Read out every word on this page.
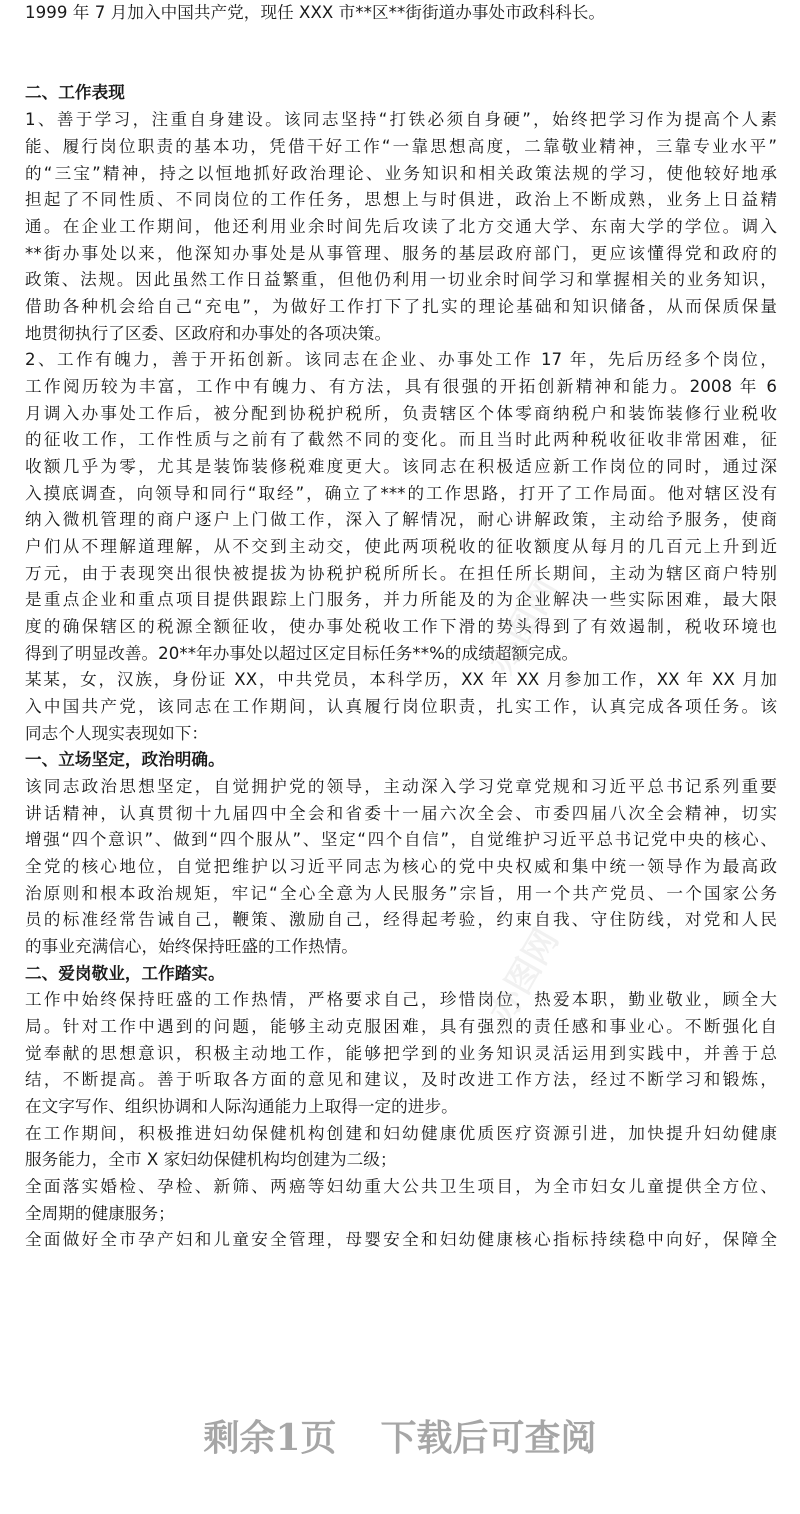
1999 年 7 月加入中国共产党，现任 XXX 市**区**街街道办事处市政科科长。
二、工作表现
1、善于学习，注重自身建设。该同志坚持“打铁必须自身硬”，始终把学习作为提高个人素
能、履行岗位职责的基本功，凭借干好工作“一靠思想高度，二靠敬业精神，三靠专业水平”
的“三宝”精神，持之以恒地抓好政治理论、业务知识和相关政策法规的学习，使他较好地承
担起了不同性质、不同岗位的工作任务，思想上与时俱进，政治上不断成熟，业务上日益精
通。在企业工作期间，他还利用业余时间先后攻读了北方交通大学、东南大学的学位。调入
**街办事处以来，他深知办事处是从事管理、服务的基层政府部门，更应该懂得党和政府的
政策、法规。因此虽然工作日益繁重，但他仍利用一切业余时间学习和掌握相关的业务知识，
借助各种机会给自己“充电”，为做好工作打下了扎实的理论基础和知识储备，从而保质保量
地贯彻执行了区委、区政府和办事处的各项决策。
2、工作有魄力，善于开拓创新。该同志在企业、办事处工作 17 年，先后历经多个岗位，
工作阅历较为丰富，工作中有魄力、有方法，具有很强的开拓创新精神和能力。2008 年 6
月调入办事处工作后，被分配到协税护税所，负责辖区个体零商纳税户和装饰装修行业税收
的征收工作，工作性质与之前有了截然不同的变化。而且当时此两种税收征收非常困难，征
收额几乎为零，尤其是装饰装修税难度更大。该同志在积极适应新工作岗位的同时，通过深
入摸底调查，向领导和同行“取经”，确立了***的工作思路，打开了工作局面。他对辖区没有
纳入微机管理的商户逐户上门做工作，深入了解情况，耐心讲解政策，主动给予服务，使商
户们从不理解道理解，从不交到主动交，使此两项税收的征收额度从每月的几百元上升到近
万元，由于表现突出很快被提拔为协税护税所所长。在担任所长期间，主动为辖区商户特别
是重点企业和重点项目提供跟踪上门服务，并力所能及的为企业解决一些实际困难，最大限
度的确保辖区的税源全额征收，使办事处税收工作下滑的势头得到了有效遏制，税收环境也
得到了明显改善。20**年办事处以超过区定目标任务**%的成绩超额完成。
某某，女，汉族，身份证 XX，中共党员，本科学历，XX 年 XX 月参加工作，XX 年 XX 月加
入中国共产党，该同志在工作期间，认真履行岗位职责，扎实工作，认真完成各项任务。该
同志个人现实表现如下：
一、立场坚定，政治明确。
该同志政治思想坚定，自觉拥护党的领导，主动深入学习党章党规和习近平总书记系列重要
讲话精神，认真贯彻十九届四中全会和省委十一届六次全会、市委四届八次全会精神，切实
增强“四个意识”、做到“四个服从”、坚定“四个自信”，自觉维护习近平总书记党中央的核心、
全党的核心地位，自觉把维护以习近平同志为核心的党中央权威和集中统一领导作为最高政
治原则和根本政治规矩，牢记“全心全意为人民服务”宗旨，用一个共产党员、一个国家公务
员的标准经常告诫自己，鞭策、激励自己，经得起考验，约束自我、守住防线，对党和人民
的事业充满信心，始终保持旺盛的工作热情。
二、爱岗敬业，工作踏实。
工作中始终保持旺盛的工作热情，严格要求自己，珍惜岗位，热爱本职，勤业敬业，顾全大
局。针对工作中遇到的问题，能够主动克服困难，具有强烈的责任感和事业心。不断强化自
觉奉献的思想意识，积极主动地工作，能够把学到的业务知识灵活运用到实践中，并善于总
结，不断提高。善于听取各方面的意见和建议，及时改进工作方法，经过不断学习和锻炼，
在文字写作、组织协调和人际沟通能力上取得一定的进步。
在工作期间，积极推进妇幼保健机构创建和妇幼健康优质医疗资源引进，加快提升妇幼健康
服务能力，全市 X 家妇幼保健机构均创建为二级；
全面落实婚检、孕检、新筛、两癌等妇幼重大公共卫生项目，为全市妇女儿童提供全方位、
全周期的健康服务；
全面做好全市孕产妇和儿童安全管理，母婴安全和妇幼健康核心指标持续稳中向好，保障全
办图网
办图网
剩余1页 下载后可查阅
